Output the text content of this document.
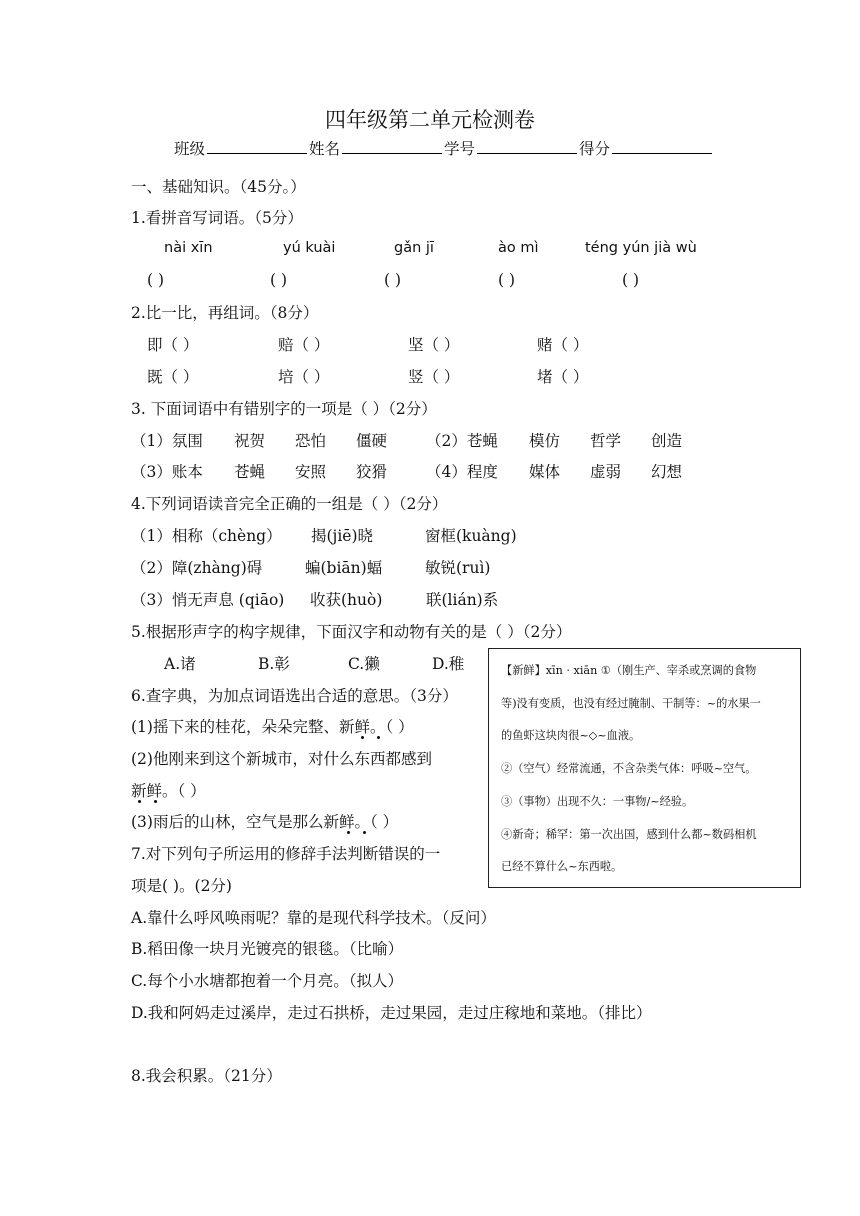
四年级第二单元检测卷
班级	姓名	学号	得分
一、基础知识。（45分。）
1.看拼音写词语。（5分）
nài xīn	yú kuài	gǎn jī	ào mì	téng yún jià wù
( )	( )	( )	( )	( )
2.比一比，再组词。（8分）
即（ ）	赔（ ）	坚（ ）	赌（ ）
既（ ）	培（ ）	竖（ ）	堵（ ）
3. 下面词语中有错别字的一项是（ ）（2分）
（1）氛围 祝贺 恐怕 僵硬	（2）苍蝇 模仿 哲学 创造
（3）账本 苍蝇 安照 狡猾	（4）程度 媒体 虚弱 幻想
4.下列词语读音完全正确的一组是（ ）（2分）
（1）相称（chèng） 揭(jiē)晓	窗框(kuàng)
（2）障(zhàng)碍	蝙(biān)蝠	敏锐(ruì)
（3）悄无声息 (qiāo) 收获(huò)	联(lián)系
5.根据形声字的构字规律，下面汉字和动物有关的是（ ）（2分）
A.诸	B.彰	C.獭	D.稚
6.查字典，为加点词语选出合适的意思。（3分）
(1)摇下来的桂花，朵朵完整、新鲜。（ ）
(2)他刚来到这个新城市，对什么东西都感到
新鲜。（ ）
(3)雨后的山林，空气是那么新鲜。（ ）
【新鲜】xīn · xiān ①（刚生产、宰杀或烹调的食物
等)没有变质，也没有经过腌制、干制等：~的水果一
的鱼虾这块肉很~◇~血液。
②（空气）经常流通，不含杂类气体：呼吸~空气。
③（事物）出现不久：一事物/~经验。
④新奇；稀罕：第一次出国，感到什么都~数码相机
已经不算什么~东西啦。
7.对下列句子所运用的修辞手法判断错误的一
项是( )。(2分)
A.靠什么呼风唤雨呢？靠的是现代科学技术。（反问）
B.稻田像一块月光镀亮的银毯。（比喻）
C.每个小水塘都抱着一个月亮。（拟人）
D.我和阿妈走过溪岸，走过石拱桥，走过果园，走过庄稼地和菜地。（排比）
8.我会积累。（21分）
